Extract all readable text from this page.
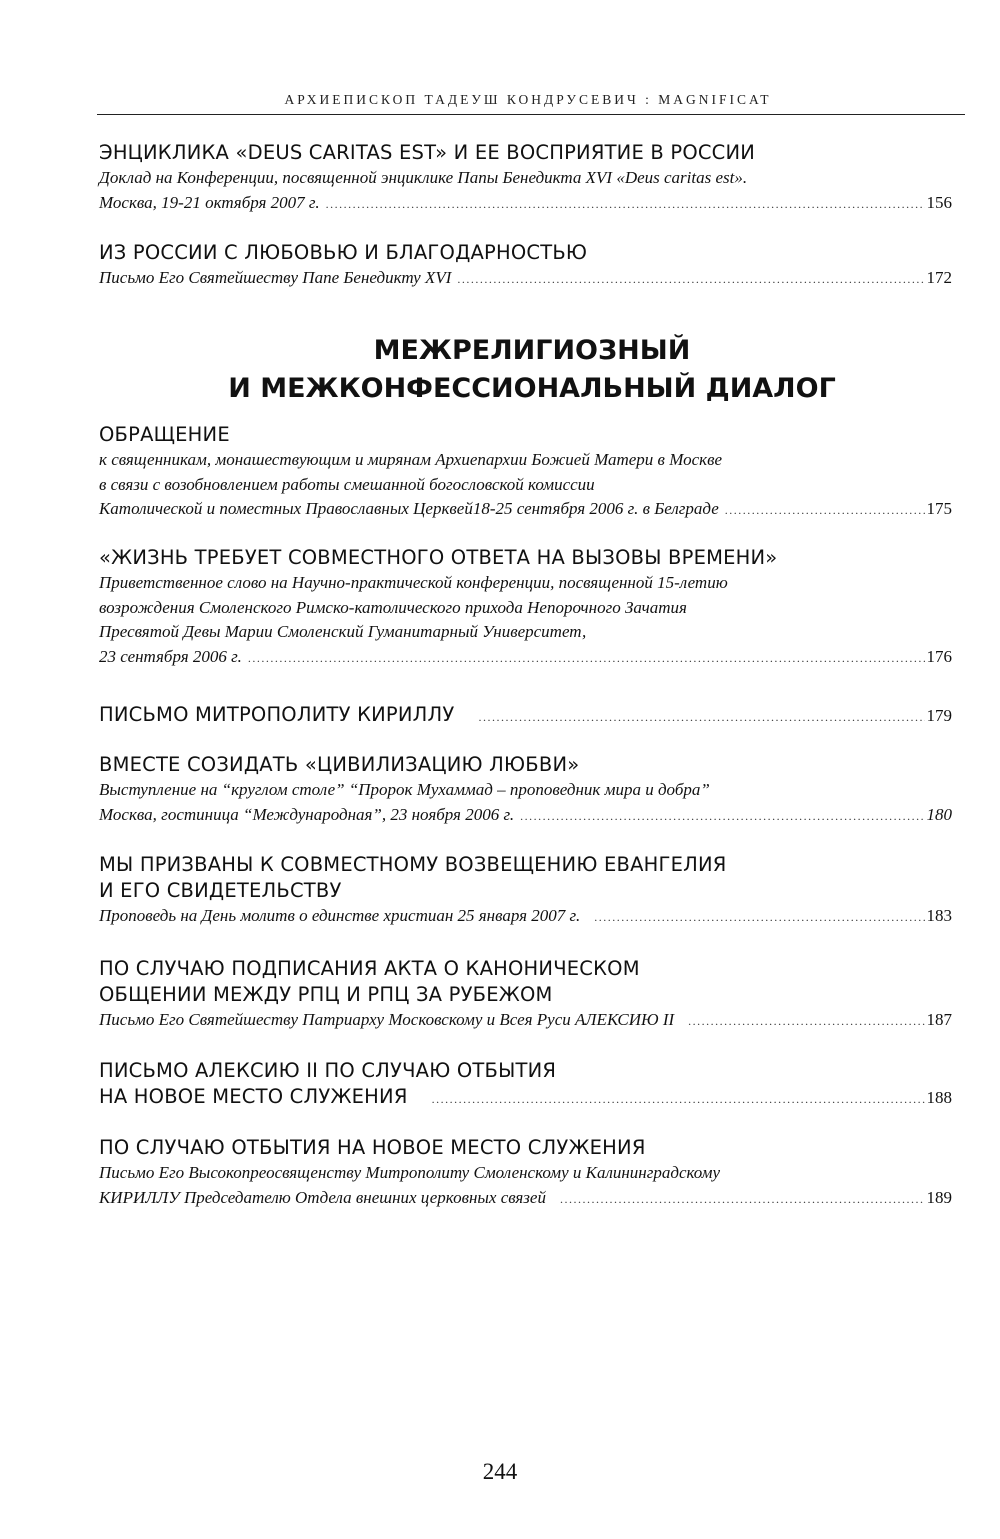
АРХИЕПИСКОП ТАДЕУШ КОНДРУСЕВИЧ : MAGNIFICAT
ЭНЦИКЛИКА «DEUS CARITAS EST» И ЕЕ ВОСПРИЯТИЕ В РОССИИ
Доклад на Конференции, посвященной энциклике Папы Бенедикта XVI «Deus caritas est».
Москва, 19-21 октября 2007 г. .....	156
ИЗ РОССИИ С ЛЮБОВЬЮ И БЛАГОДАРНОСТЬЮ
Письмо Его Святейшеству Папе Бенедикту XVI .....	172
МЕЖРЕЛИГИОЗНЫЙ
И МЕЖКОНФЕССИОНАЛЬНЫЙ ДИАЛОГ
ОБРАЩЕНИЕ
к священникам, монашествующим и мирянам Архиепархии Божией Матери в Москве
в связи с возобновлением работы смешанной богословской комиссии
Католической и поместных Православных Церквей18-25 сентября 2006 г. в Белграде .....	175
«ЖИЗНЬ ТРЕБУЕТ СОВМЕСТНОГО ОТВЕТА НА ВЫЗОВЫ ВРЕМЕНИ»
Приветственное слово на Научно-практической конференции, посвященной 15-летию
возрождения Смоленского Римско-католического прихода Непорочного Зачатия
Пресвятой Девы Марии Смоленский Гуманитарный Университет,
23 сентября 2006 г. .....	176
ПИСЬМО МИТРОПОЛИТУ КИРИЛЛУ .....	179
ВМЕСТЕ СОЗИДАТЬ «ЦИВИЛИЗАЦИЮ ЛЮБВИ»
Выступление на “круглом столе” “Пророк Мухаммад – проповедник мира и добра”
Москва, гостиница “Международная”, 23 ноября 2006 г. .....	180
МЫ ПРИЗВАНЫ К СОВМЕСТНОМУ ВОЗВЕЩЕНИЮ ЕВАНГЕЛИЯ
И ЕГО СВИДЕТЕЛЬСТВУ
Проповедь на День молитв о единстве христиан 25 января 2007 г. .....	183
ПО СЛУЧАЮ ПОДПИСАНИЯ АКТА О КАНОНИЧЕСКОМ
ОБЩЕНИИ МЕЖДУ РПЦ И РПЦ ЗА РУБЕЖОМ
Письмо Его Святейшеству Патриарху Московскому и Всея Руси АЛЕКСИЮ II .....	187
ПИСЬМО АЛЕКСИЮ II ПО СЛУЧАЮ ОТБЫТИЯ
НА НОВОЕ МЕСТО СЛУЖЕНИЯ .....	188
ПО СЛУЧАЮ ОТБЫТИЯ НА НОВОЕ МЕСТО СЛУЖЕНИЯ
Письмо Его Высокопреосвященству Митрополиту Смоленскому и Калининградскому
КИРИЛЛУ Председателю Отдела внешних церковных связей .....	189
244
